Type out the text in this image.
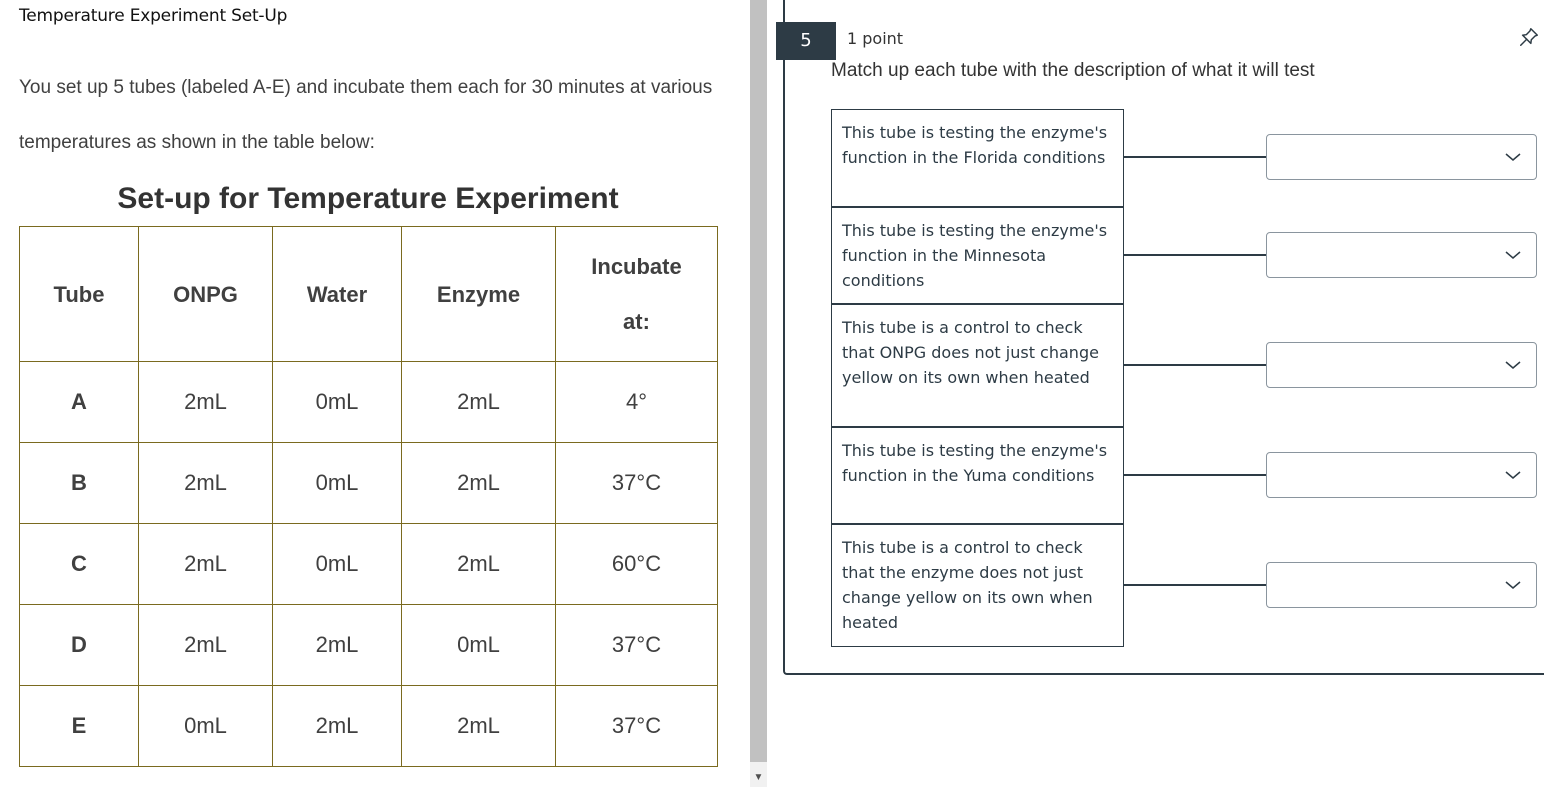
Temperature Experiment Set-Up
You set up 5 tubes (labeled A-E) and incubate them each for 30 minutes at various temperatures as shown in the table below:
Set-up for Temperature Experiment
Tube	ONPG	Water	Enzyme	Incubate at:
A	2mL	0mL	2mL	4°
B	2mL	0mL	2mL	37°C
C	2mL	0mL	2mL	60°C
D	2mL	2mL	0mL	37°C
E	0mL	2mL	2mL	37°C
▼
5	1 point
Match up each tube with the description of what it will test
This tube is testing the enzyme's function in the Florida conditions
This tube is testing the enzyme's function in the Minnesota conditions
This tube is a control to check that ONPG does not just change yellow on its own when heated
This tube is testing the enzyme's function in the Yuma conditions
This tube is a control to check that the enzyme does not just change yellow on its own when heated
